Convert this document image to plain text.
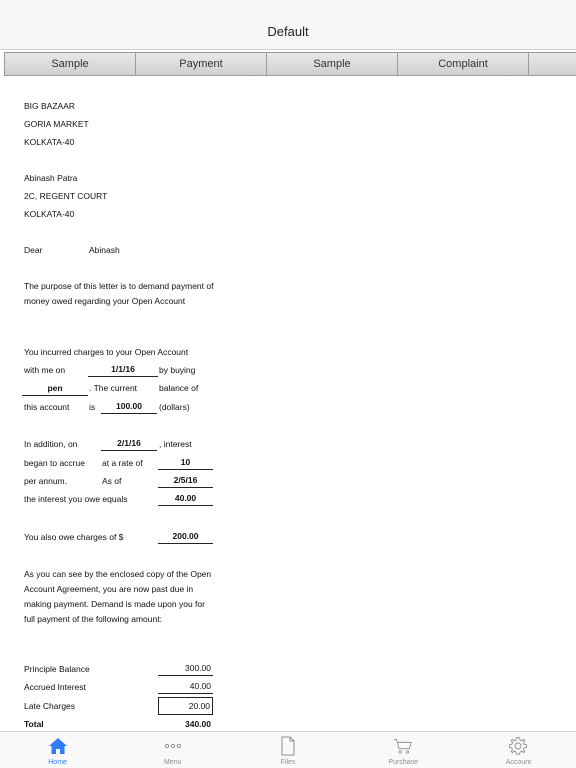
BIG BAZAAR
GORIA MARKET
KOLKATA-40
Abinash Patra
2C, REGENT COURT
KOLKATA-40
Dear	Abinash
The purpose of this letter is to demand payment of money owed regarding your Open Account
You incurred charges to your Open Account
with me on	1/1/16	by buying
pen	. The current	balance of
this account is	100.00	(dollars)
In addition, on	2/1/16	, interest
began to accrue at a rate of	10
per annum.	As of	2/5/16
the interest you owe equals	40.00
You also owe charges of $	200.00
As you can see by the enclosed copy of the Open Account Agreement, you are now past due in making payment. Demand is made upon you for full payment of the following amount:
Principle Balance	300.00
Accrued Interest	40.00
Late Charges	20.00
Total	340.00
Default
Sample	Payment	Sample	Complaint
Home	Menu	Files	Purchase	Account
